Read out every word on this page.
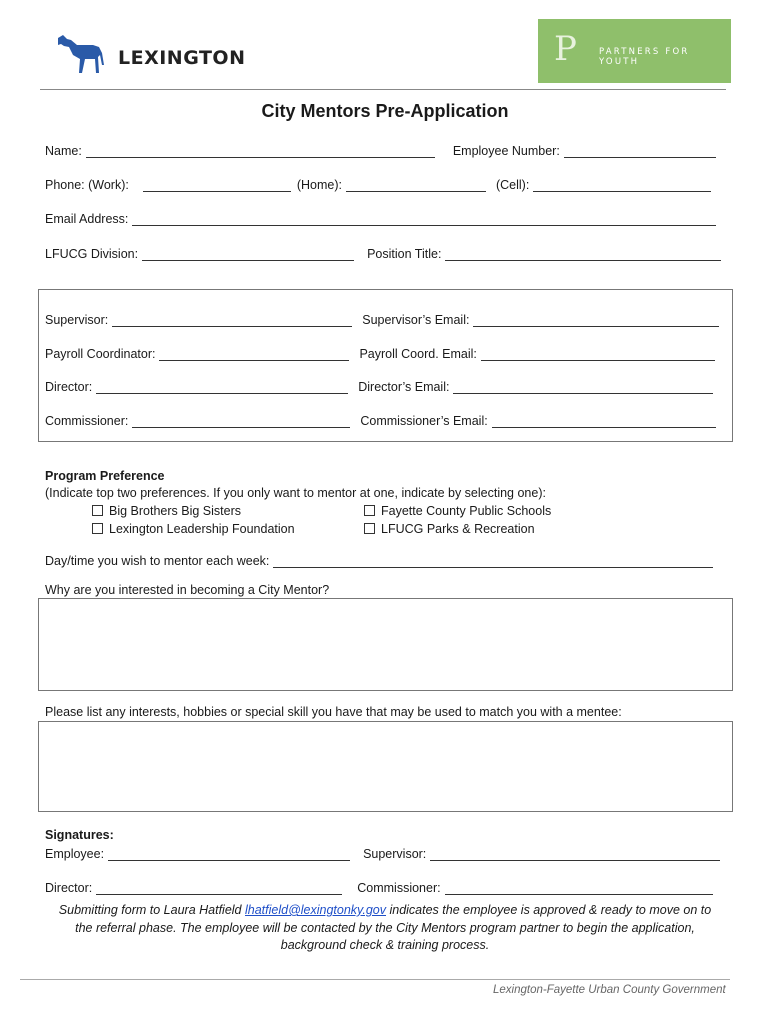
LEXINGTON	P	PARTNERS FOR YOUTH
City Mentors Pre-Application
Name:	Employee Number:
Phone: (Work):	(Home):	(Cell):
Email Address:
LFUCG Division:	Position Title:
Supervisor:	Supervisor’s Email:
Payroll Coordinator:	Payroll Coord. Email:
Director:	Director’s Email:
Commissioner:	Commissioner’s Email:
Program Preference
(Indicate top two preferences. If you only want to mentor at one, indicate by selecting one):
Big Brothers Big Sisters	Fayette County Public Schools
Lexington Leadership Foundation	LFUCG Parks & Recreation
Day/time you wish to mentor each week:
Why are you interested in becoming a City Mentor?
Please list any interests, hobbies or special skill you have that may be used to match you with a mentee:
Signatures:
Employee:	Supervisor:
Director:	Commissioner:
Submitting form to Laura Hatfield lhatfield@lexingtonky.gov indicates the employee is approved & ready to move on to
the referral phase. The employee will be contacted by the City Mentors program partner to begin the application,
background check & training process.
Lexington-Fayette Urban County Government
